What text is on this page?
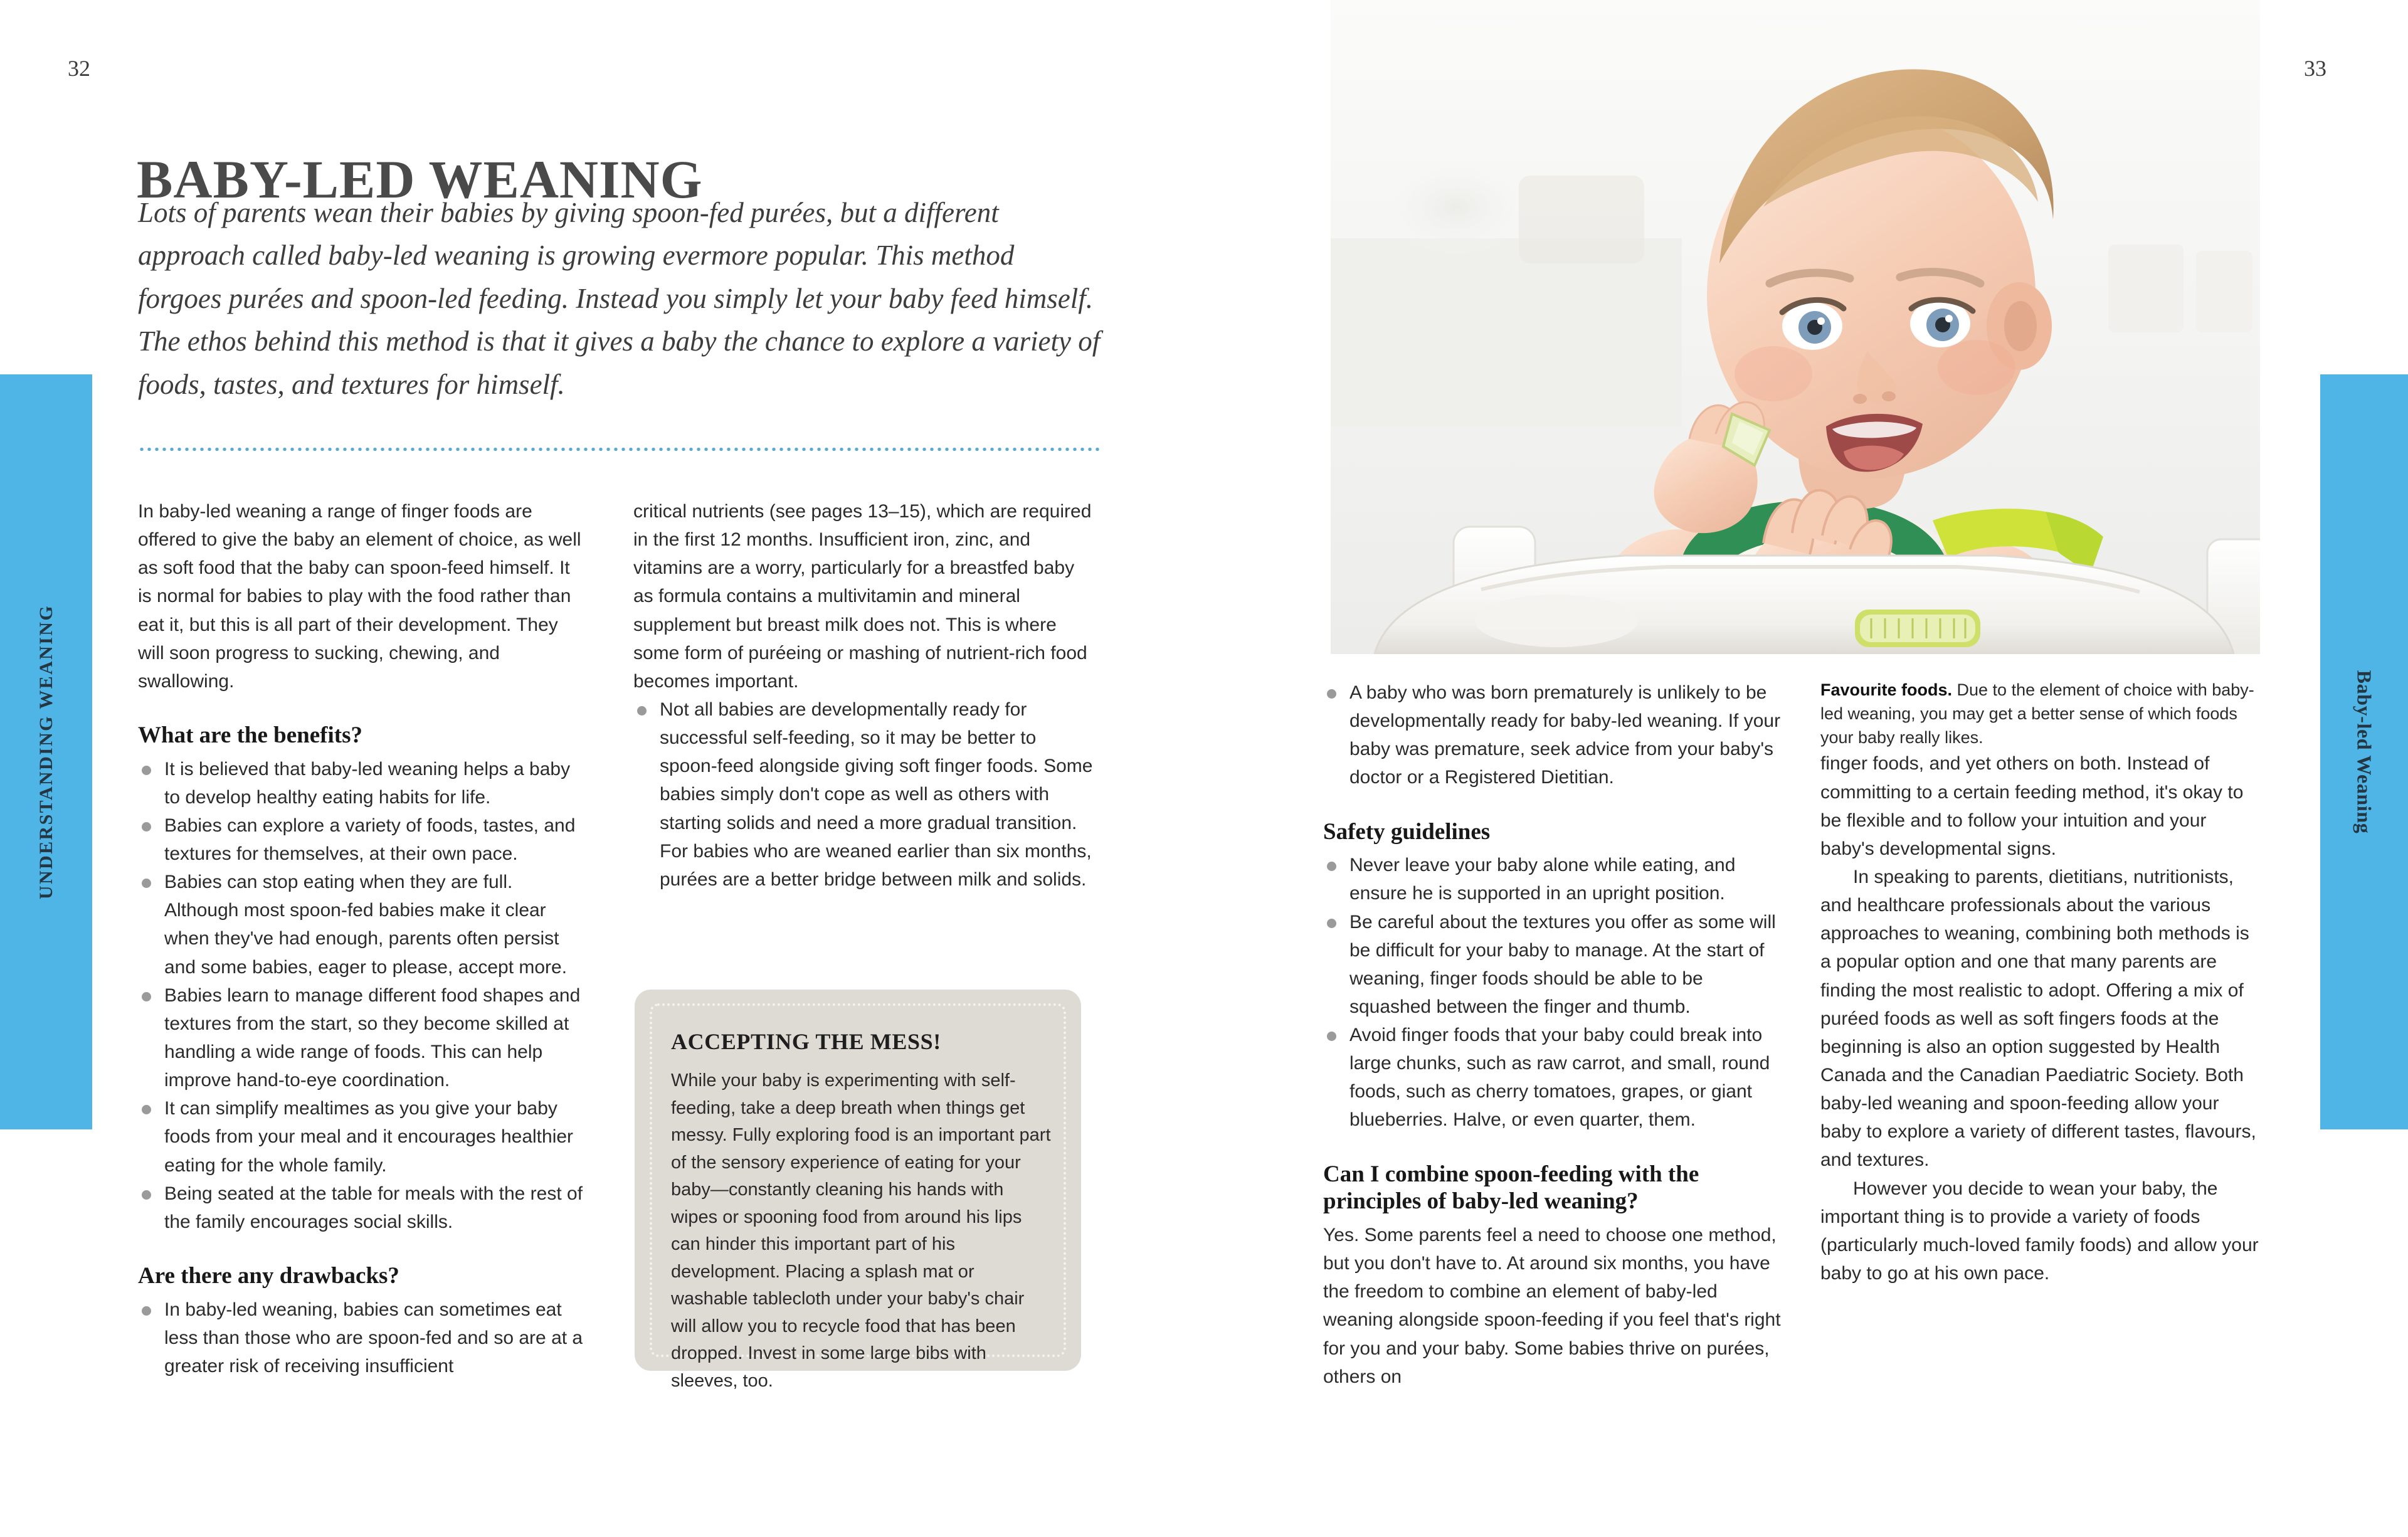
UNDERSTANDING WEANING
32
BABY-LED WEANING
Lots of parents wean their babies by giving spoon-fed purées, but a different approach called baby-led weaning is growing evermore popular. This method forgoes purées and spoon-led feeding. Instead you simply let your baby feed himself. The ethos behind this method is that it gives a baby the chance to explore a variety of foods, tastes, and textures for himself.

In baby-led weaning a range of finger foods are offered to give the baby an element of choice, as well as soft food that the baby can spoon-feed himself. It is normal for babies to play with the food rather than eat it, but this is all part of their development. They will soon progress to sucking, chewing, and swallowing.

What are the benefits?
It is believed that baby-led weaning helps a baby to develop healthy eating habits for life.
Babies can explore a variety of foods, tastes, and textures for themselves, at their own pace.
Babies can stop eating when they are full. Although most spoon-fed babies make it clear when they've had enough, parents often persist and some babies, eager to please, accept more.
Babies learn to manage different food shapes and textures from the start, so they become skilled at handling a wide range of foods. This can help improve hand-to-eye coordination.
It can simplify mealtimes as you give your baby foods from your meal and it encourages healthier eating for the whole family.
Being seated at the table for meals with the rest of the family encourages social skills.
Are there any drawbacks?
In baby-led weaning, babies can sometimes eat less than those who are spoon-fed and so are at a greater risk of receiving insufficient

critical nutrients (see pages 13–15), which are required in the first 12 months. Insufficient iron, zinc, and vitamins are a worry, particularly for a breastfed baby as formula contains a multivitamin and mineral supplement but breast milk does not. This is where some form of puréeing or mashing of nutrient-rich food becomes important.

Not all babies are developmentally ready for successful self-feeding, so it may be better to spoon-feed alongside giving soft finger foods. Some babies simply don't cope as well as others with starting solids and need a more gradual transition. For babies who are weaned earlier than six months, purées are a better bridge between milk and solids.
ACCEPTING THE MESS!

While your baby is experimenting with self-feeding, take a deep breath when things get messy. Fully exploring food is an important part of the sensory experience of eating for your baby—constantly cleaning his hands with wipes or spooning food from around his lips can hinder this important part of his development. Placing a splash mat or washable tablecloth under your baby's chair will allow you to recycle food that has been dropped. Invest in some large bibs with sleeves, too.

Baby-led Weaning
33
A baby who was born prematurely is unlikely to be developmentally ready for baby-led weaning. If your baby was premature, seek advice from your baby's doctor or a Registered Dietitian.
Safety guidelines
Never leave your baby alone while eating, and ensure he is supported in an upright position.
Be careful about the textures you offer as some will be difficult for your baby to manage. At the start of weaning, finger foods should be able to be squashed between the finger and thumb.
Avoid finger foods that your baby could break into large chunks, such as raw carrot, and small, round foods, such as cherry tomatoes, grapes, or giant blueberries. Halve, or even quarter, them.
Can I combine spoon-feeding with the principles of baby-led weaning?

Yes. Some parents feel a need to choose one method, but you don't have to. At around six months, you have the freedom to combine an element of baby-led weaning alongside spoon-feeding if you feel that's right for you and your baby. Some babies thrive on purées, others on

Favourite foods. Due to the element of choice with baby-led weaning, you may get a better sense of which foods your baby really likes.

finger foods, and yet others on both. Instead of committing to a certain feeding method, it's okay to be flexible and to follow your intuition and your baby's developmental signs.

In speaking to parents, dietitians, nutritionists, and healthcare professionals about the various approaches to weaning, combining both methods is a popular option and one that many parents are finding the most realistic to adopt. Offering a mix of puréed foods as well as soft fingers foods at the beginning is also an option suggested by Health Canada and the Canadian Paediatric Society. Both baby-led weaning and spoon-feeding allow your baby to explore a variety of different tastes, flavours, and textures.

However you decide to wean your baby, the important thing is to provide a variety of foods (particularly much-loved family foods) and allow your baby to go at his own pace.
